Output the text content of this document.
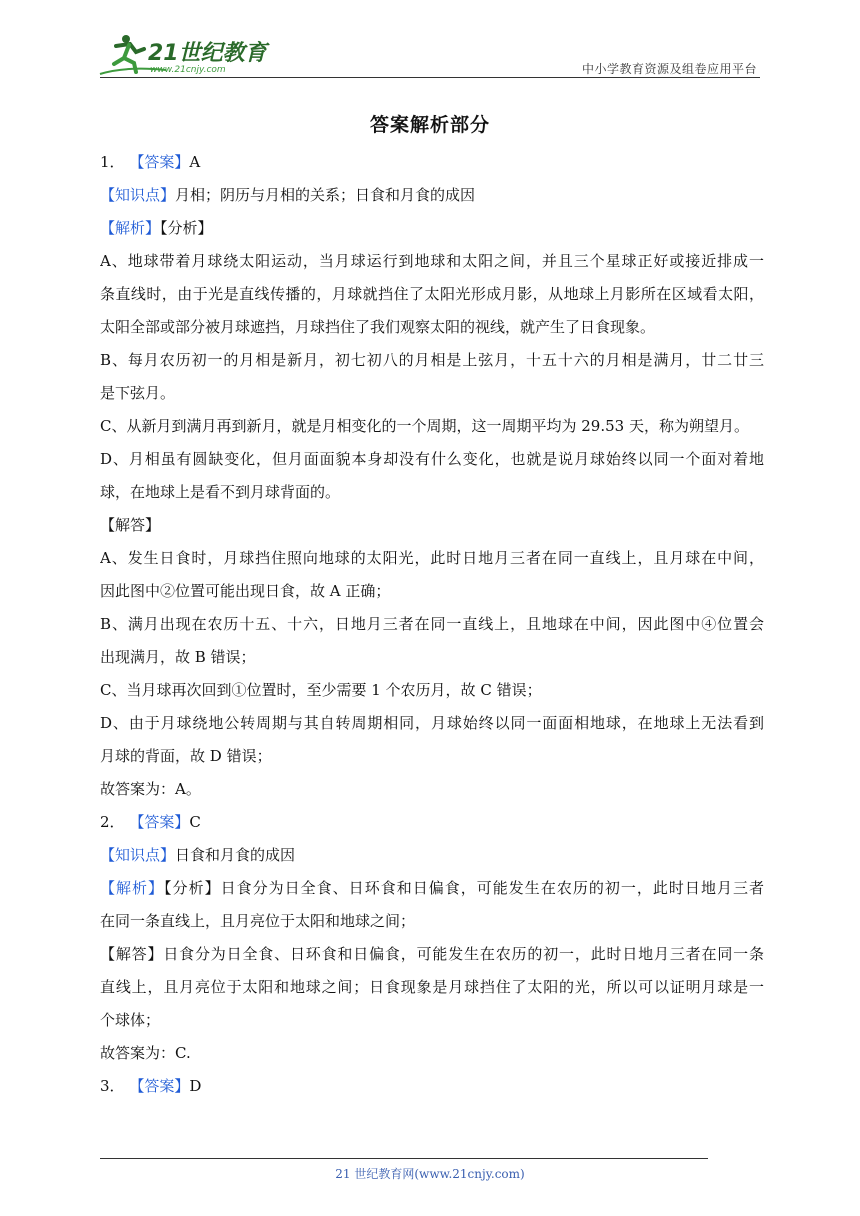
21世纪教育
www.21cnjy.com	中小学教育资源及组卷应用平台
答案解析部分
1． 【答案】A
【知识点】月相；阴历与月相的关系；日食和月食的成因
【解析】【分析】
A、地球带着月球绕太阳运动，当月球运行到地球和太阳之间，并且三个星球正好或接近排成一
条直线时，由于光是直线传播的，月球就挡住了太阳光形成月影，从地球上月影所在区域看太阳，
太阳全部或部分被月球遮挡，月球挡住了我们观察太阳的视线，就产生了日食现象。
B、每月农历初一的月相是新月，初七初八的月相是上弦月，十五十六的月相是满月，廿二廿三
是下弦月。
C、从新月到满月再到新月，就是月相变化的一个周期，这一周期平均为 29.53 天，称为朔望月。
D、月相虽有圆缺变化，但月面面貌本身却没有什么变化，也就是说月球始终以同一个面对着地
球，在地球上是看不到月球背面的。
【解答】
A、发生日食时，月球挡住照向地球的太阳光，此时日地月三者在同一直线上，且月球在中间，
因此图中②位置可能出现日食，故 A 正确；
B、满月出现在农历十五、十六，日地月三者在同一直线上，且地球在中间，因此图中④位置会
出现满月，故 B 错误；
C、当月球再次回到①位置时，至少需要 1 个农历月，故 C 错误；
D、由于月球绕地公转周期与其自转周期相同，月球始终以同一面面相地球，在地球上无法看到
月球的背面，故 D 错误；
故答案为：A。
2． 【答案】C
【知识点】日食和月食的成因
【解析】【分析】日食分为日全食、日环食和日偏食，可能发生在农历的初一，此时日地月三者
在同一条直线上，且月亮位于太阳和地球之间；
【解答】日食分为日全食、日环食和日偏食，可能发生在农历的初一，此时日地月三者在同一条
直线上，且月亮位于太阳和地球之间；日食现象是月球挡住了太阳的光，所以可以证明月球是一
个球体；
故答案为：C.
3． 【答案】D
21 世纪教育网(www.21cnjy.com)
